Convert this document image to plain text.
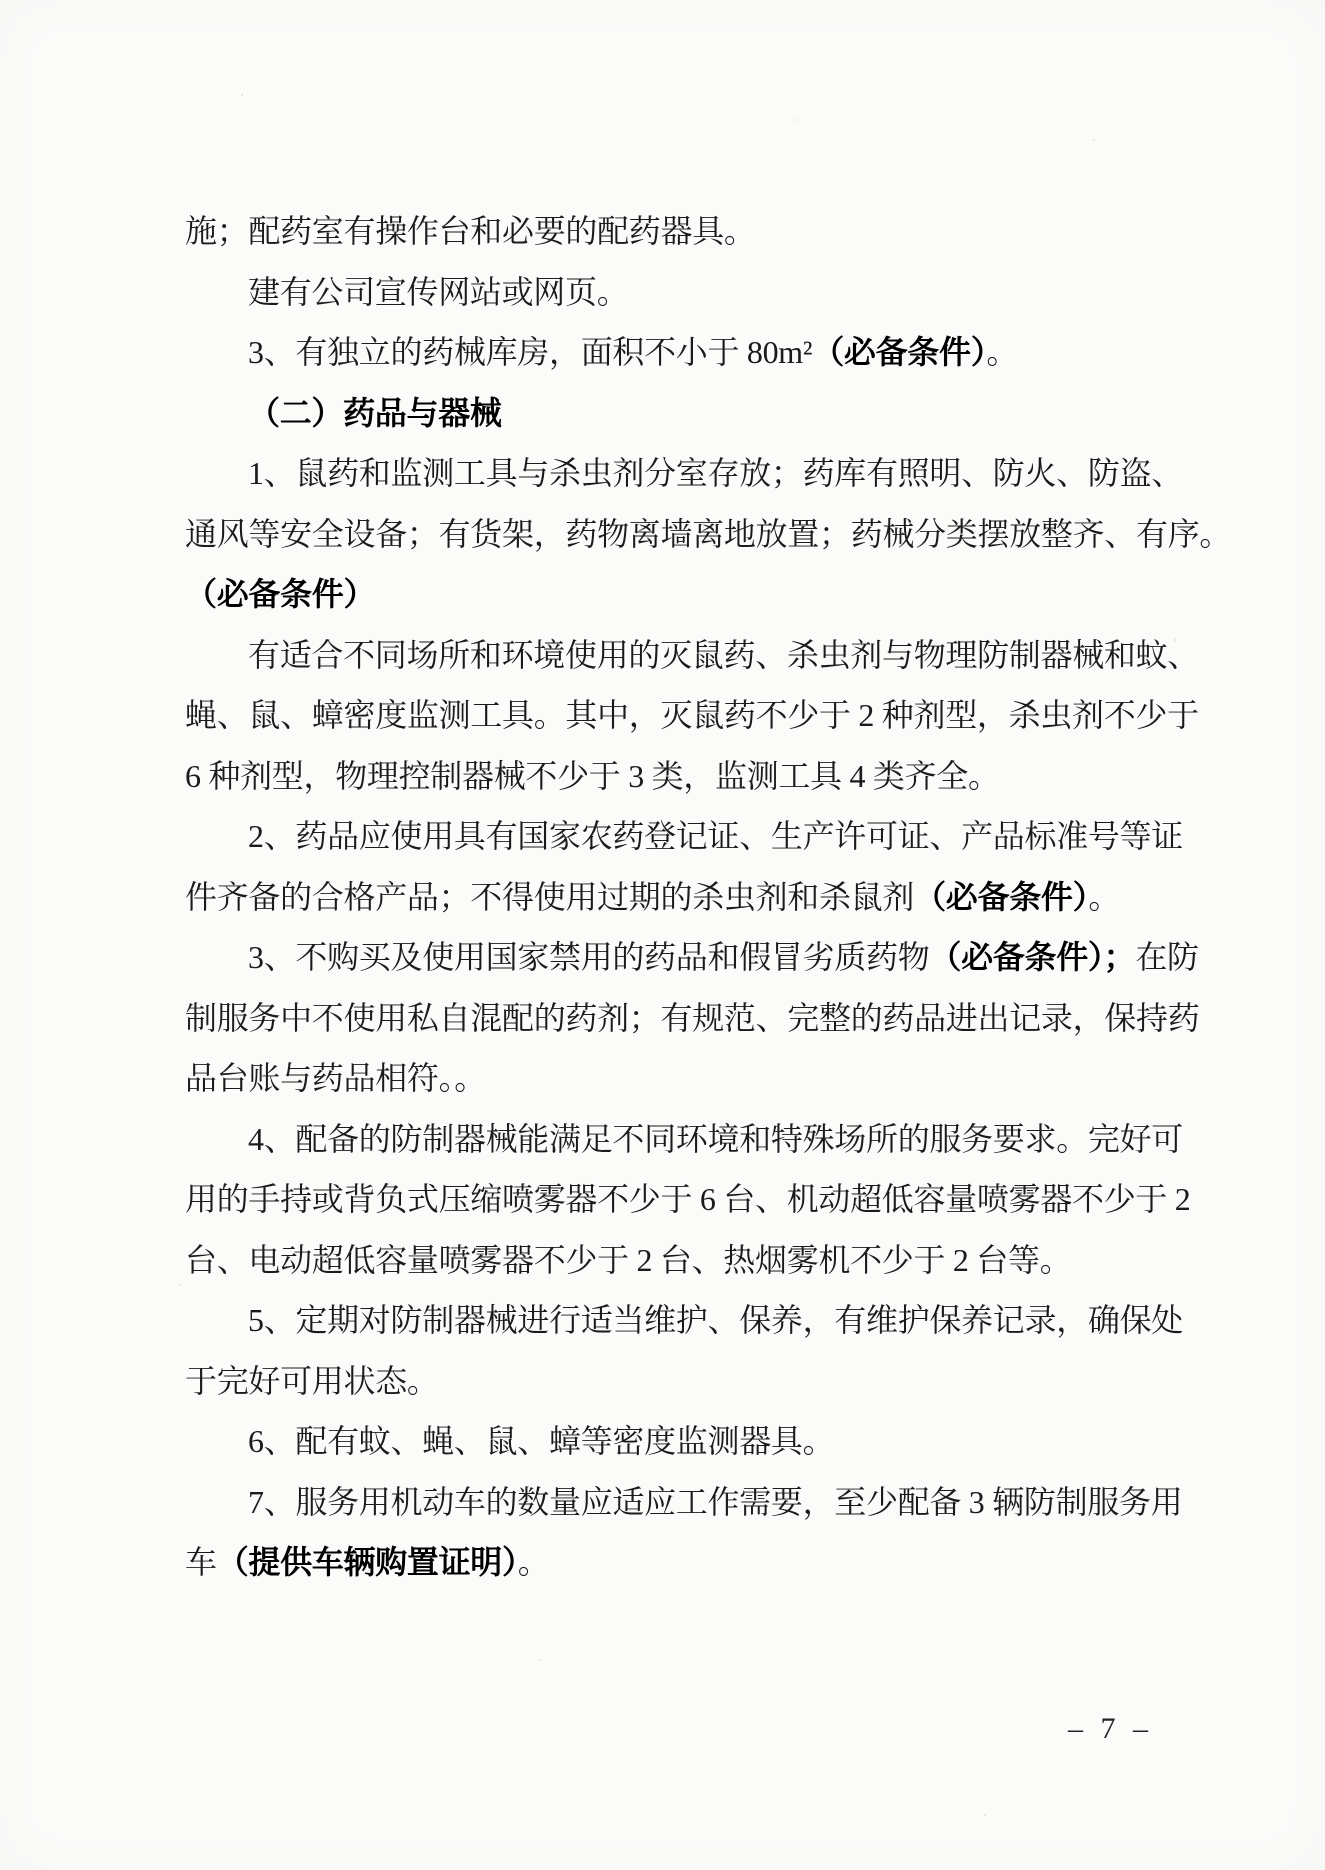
施；配药室有操作台和必要的配药器具。
建有公司宣传网站或网页。
3、有独立的药械库房，面积不小于 80m²（必备条件）。
（二）药品与器械
1、鼠药和监测工具与杀虫剂分室存放；药库有照明、防火、防盗、
通风等安全设备；有货架，药物离墙离地放置；药械分类摆放整齐、有序。
（必备条件）
有适合不同场所和环境使用的灭鼠药、杀虫剂与物理防制器械和蚊、
蝇、鼠、蟑密度监测工具。其中，灭鼠药不少于 2 种剂型，杀虫剂不少于
6 种剂型，物理控制器械不少于 3 类，监测工具 4 类齐全。
2、药品应使用具有国家农药登记证、生产许可证、产品标准号等证
件齐备的合格产品；不得使用过期的杀虫剂和杀鼠剂（必备条件）。
3、不购买及使用国家禁用的药品和假冒劣质药物（必备条件）；在防
制服务中不使用私自混配的药剂；有规范、完整的药品进出记录，保持药
品台账与药品相符。。
4、配备的防制器械能满足不同环境和特殊场所的服务要求。完好可
用的手持或背负式压缩喷雾器不少于 6 台、机动超低容量喷雾器不少于 2
台、电动超低容量喷雾器不少于 2 台、热烟雾机不少于 2 台等。
5、定期对防制器械进行适当维护、保养，有维护保养记录，确保处
于完好可用状态。
6、配有蚊、蝇、鼠、蟑等密度监测器具。
7、服务用机动车的数量应适应工作需要，至少配备 3 辆防制服务用
车（提供车辆购置证明）。
– 7 –
